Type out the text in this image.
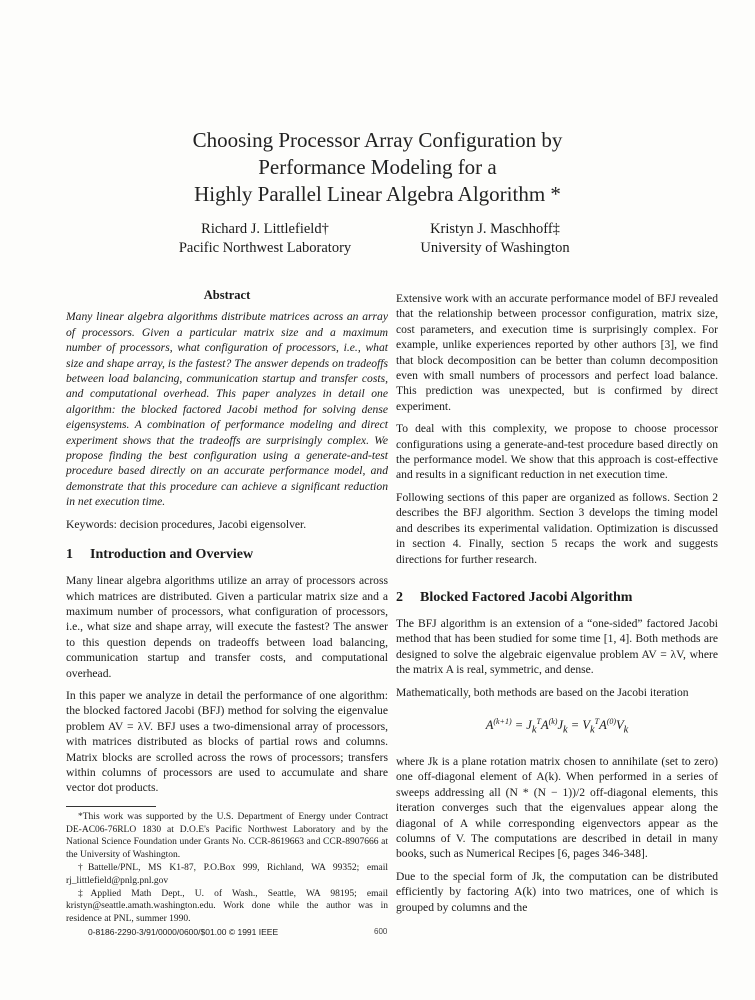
Choosing Processor Array Configuration by
Performance Modeling for a
Highly Parallel Linear Algebra Algorithm *
Richard J. Littlefield†
Pacific Northwest Laboratory
Kristyn J. Maschhoff‡
University of Washington
Abstract

Many linear algebra algorithms distribute matrices across an array of processors. Given a particular matrix size and a maximum number of processors, what configuration of processors, i.e., what size and shape array, is the fastest? The answer depends on tradeoffs between load balancing, communication startup and transfer costs, and computational overhead. This paper analyzes in detail one algorithm: the blocked factored Jacobi method for solving dense eigensystems. A combination of performance modeling and direct experiment shows that the tradeoffs are surprisingly complex. We propose finding the best configuration using a generate-and-test procedure based directly on an accurate performance model, and demonstrate that this procedure can achieve a significant reduction in net execution time.

Keywords: decision procedures, Jacobi eigensolver.

1 Introduction and Overview

Many linear algebra algorithms utilize an array of processors across which matrices are distributed. Given a particular matrix size and a maximum number of processors, what configuration of processors, i.e., what size and shape array, will execute the fastest? The answer to this question depends on tradeoffs between load balancing, communication startup and transfer costs, and computational overhead.

In this paper we analyze in detail the performance of one algorithm: the blocked factored Jacobi (BFJ) method for solving the eigenvalue problem AV = λV. BFJ uses a two-dimensional array of processors, with matrices distributed as blocks of partial rows and columns. Matrix blocks are scrolled across the rows of processors; transfers within columns of processors are used to accumulate and share vector dot products.

*This work was supported by the U.S. Department of Energy under Contract DE-AC06-76RLO 1830 at D.O.E's Pacific Northwest Laboratory and by the National Science Foundation under Grants No. CCR-8619663 and CCR-8907666 at the University of Washington.

†Battelle/PNL, MS K1-87, P.O.Box 999, Richland, WA 99352; email rj_littlefield@pnlg.pnl.gov

‡Applied Math Dept., U. of Wash., Seattle, WA 98195; email kristyn@seattle.amath.washington.edu. Work done while the author was in residence at PNL, summer 1990.

Extensive work with an accurate performance model of BFJ revealed that the relationship between processor configuration, matrix size, cost parameters, and execution time is surprisingly complex. For example, unlike experiences reported by other authors [3], we find that block decomposition can be better than column decomposition even with small numbers of processors and perfect load balance. This prediction was unexpected, but is confirmed by direct experiment.

To deal with this complexity, we propose to choose processor configurations using a generate-and-test procedure based directly on the performance model. We show that this approach is cost-effective and results in a significant reduction in net execution time.

Following sections of this paper are organized as follows. Section 2 describes the BFJ algorithm. Section 3 develops the timing model and describes its experimental validation. Optimization is discussed in section 4. Finally, section 5 recaps the work and suggests directions for further research.

2 Blocked Factored Jacobi Algorithm

The BFJ algorithm is an extension of a “one-sided” factored Jacobi method that has been studied for some time [1, 4]. Both methods are designed to solve the algebraic eigenvalue problem AV = λV, where the matrix A is real, symmetric, and dense.

Mathematically, both methods are based on the Jacobi iteration

$A^{(k+1)} = J_k^TA^{(k)}J_k = V_k^TA^{(0)}V_k$

where Jk is a plane rotation matrix chosen to annihilate (set to zero) one off-diagonal element of A(k). When performed in a series of sweeps addressing all (N * (N − 1))/2 off-diagonal elements, this iteration converges such that the eigenvalues appear along the diagonal of A while corresponding eigenvectors appear as the columns of V. The computations are described in detail in many books, such as Numerical Recipes [6, pages 346-348].

Due to the special form of Jk, the computation can be distributed efficiently by factoring A(k) into two matrices, one of which is grouped by columns and the

0-8186-2290-3/91/0000/0600/$01.00 © 1991 IEEE	600
